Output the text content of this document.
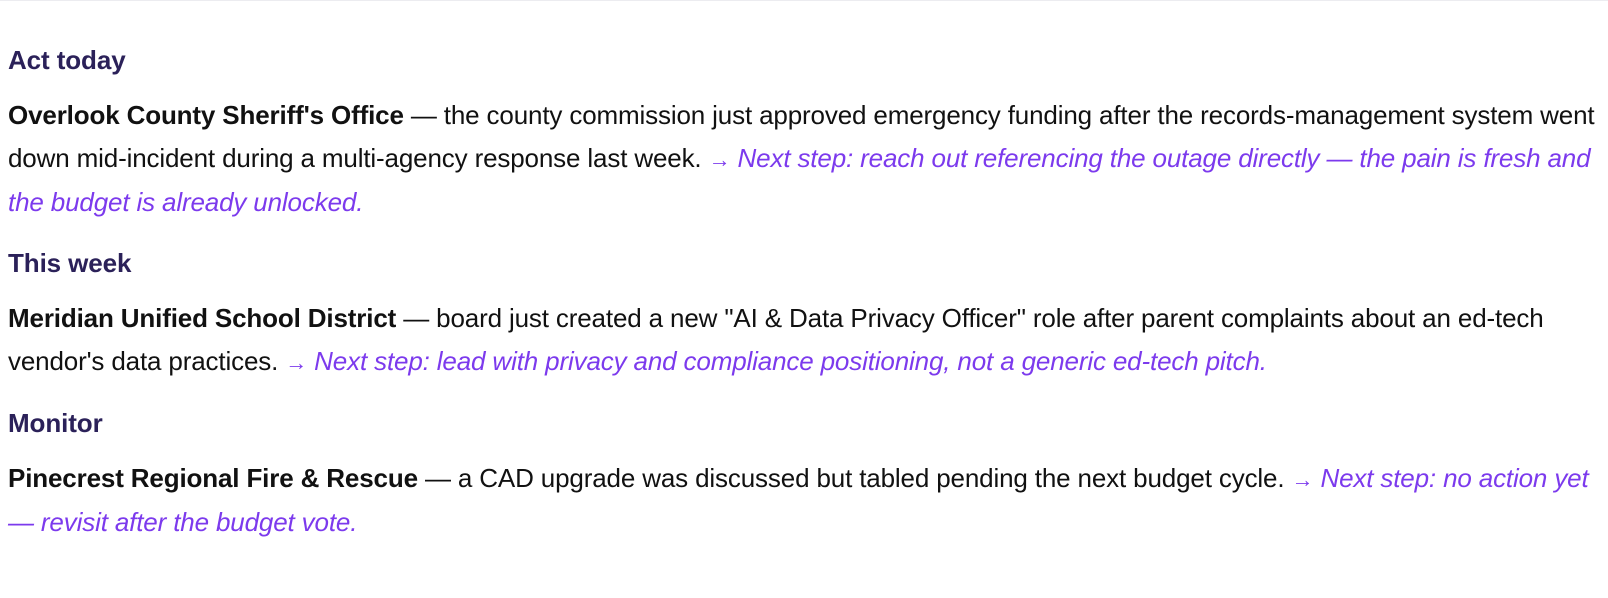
Act today

Overlook County Sheriff's Office — the county commission just approved emergency funding after the records-management system went down mid-incident during a multi-agency response last week. → Next step: reach out referencing the outage directly — the pain is fresh and the budget is already unlocked.

This week

Meridian Unified School District — board just created a new "AI & Data Privacy Officer" role after parent complaints about an ed-tech vendor's data practices. → Next step: lead with privacy and compliance positioning, not a generic ed-tech pitch.

Monitor

Pinecrest Regional Fire & Rescue — a CAD upgrade was discussed but tabled pending the next budget cycle. → Next step: no action yet — revisit after the budget vote.
